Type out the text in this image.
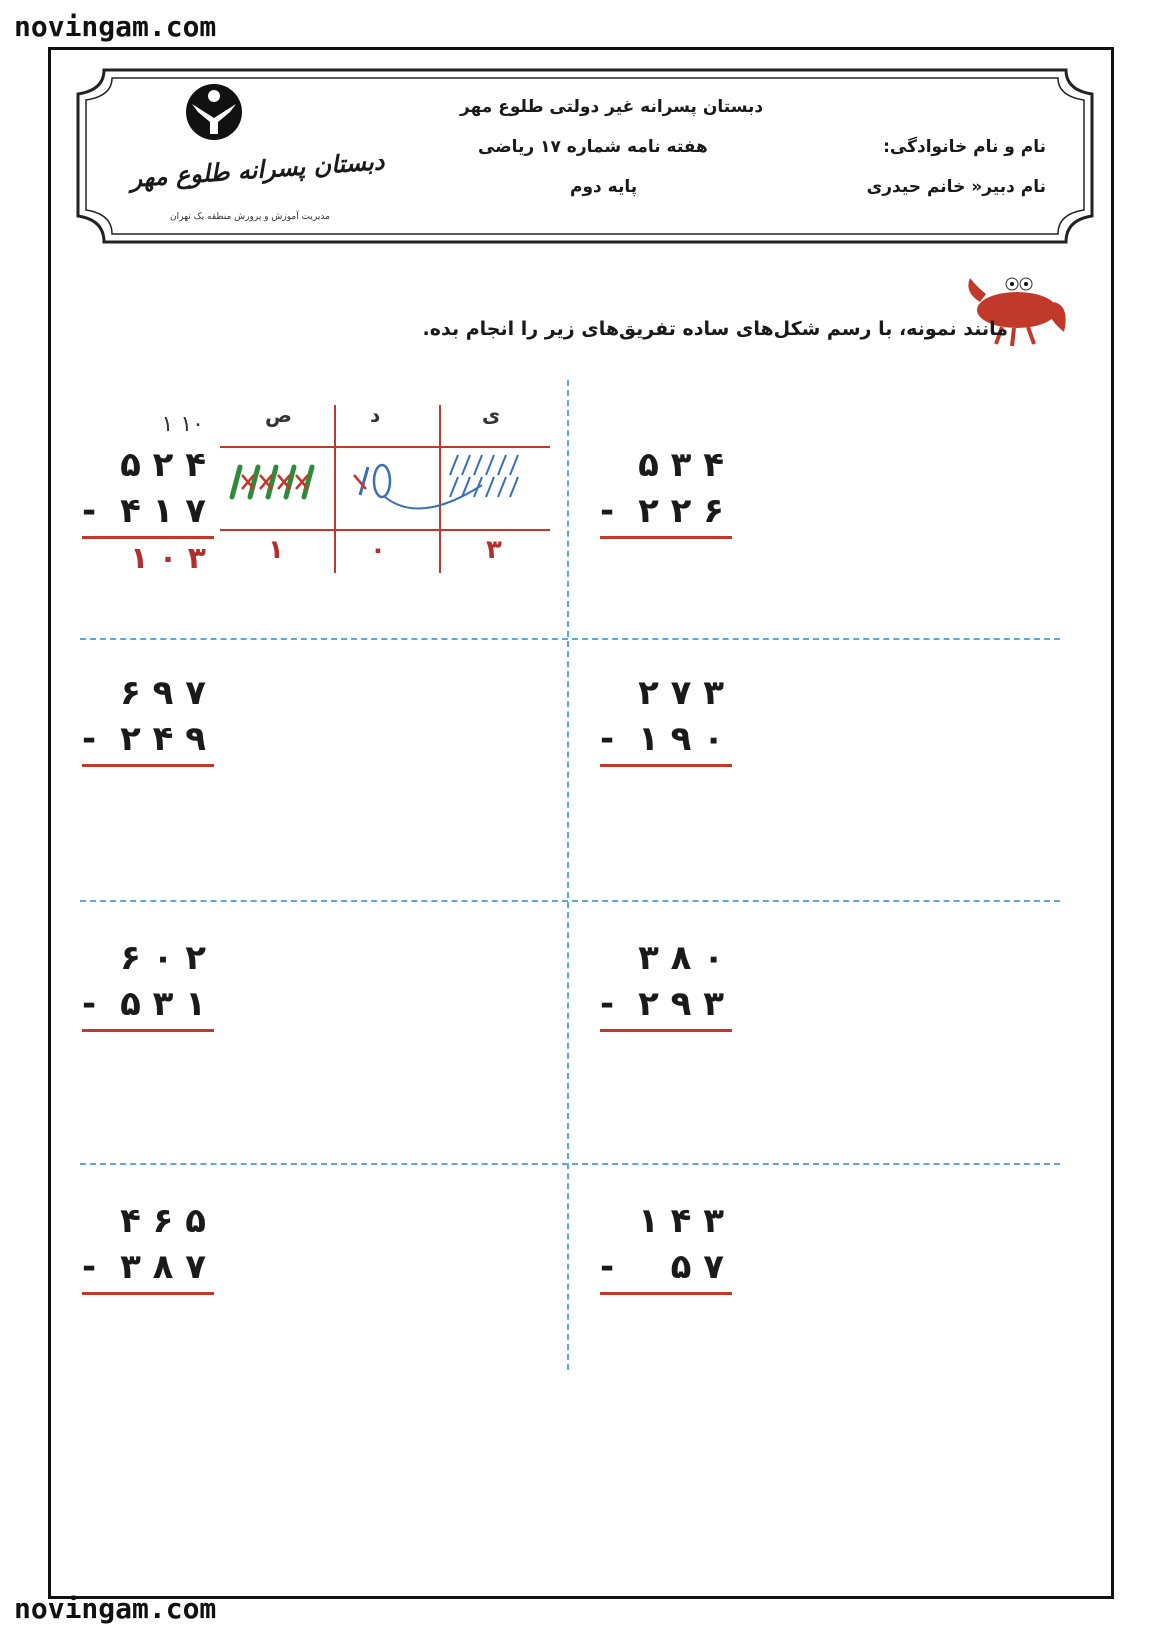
novingam.com
novingam.com
دبستان پسرانه طلوع مهر
مدیریت آموزش و پرورش منطقه یک تهران
دبستان پسرانه غیر دولتی طلوع مهر
هفته نامه شماره ۱۷ ریاضی
پایه دوم
نام و نام خانوادگی:
نام دبیر« خانم حیدری
مانند نمونه، با رسم شکل‌های ساده تفریق‌های زیر را انجام بده.
۱ ۱۰
۵ ۲ ۴
- ۴ ۱ ۷
۱ ۰ ۳
ص	د	ی
۱	۰	۳
۵ ۳ ۴
- ۲ ۲ ۶
۶ ۹ ۷
- ۲ ۴ ۹
۲ ۷ ۳
- ۱ ۹ ۰
۶ ۰ ۲
- ۵ ۳ ۱
۳ ۸ ۰
- ۲ ۹ ۳
۴ ۶ ۵
- ۳ ۸ ۷
۱ ۴ ۳
- ۵ ۷
